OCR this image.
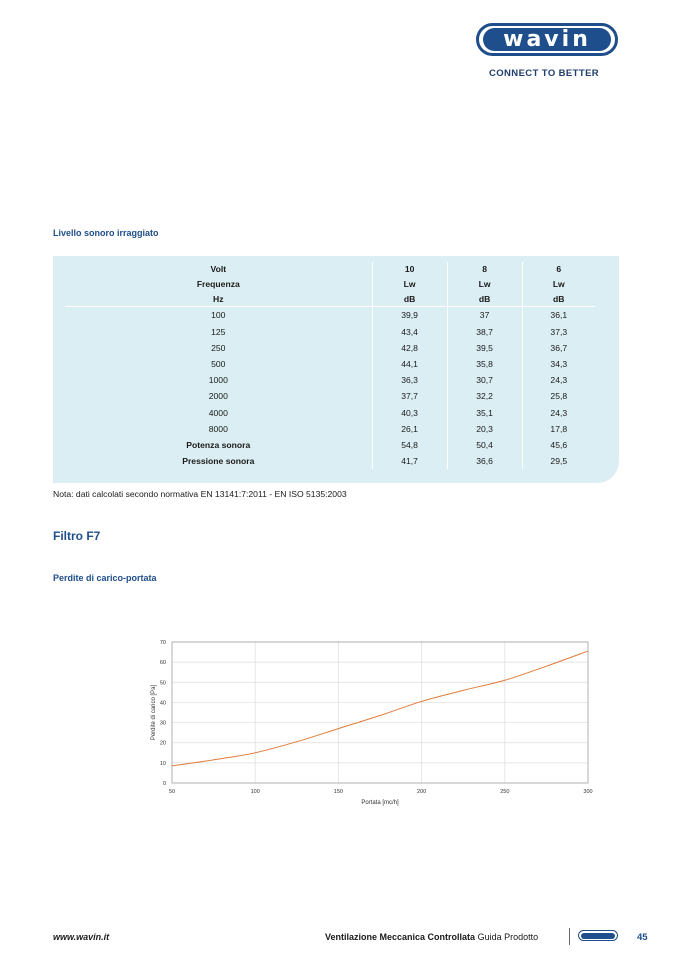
wavin
CONNECT TO BETTER
Livello sonoro irraggiato
Volt	10	8	6
Frequenza	Lw	Lw	Lw
Hz	dB	dB	dB
100	39,9	37	36,1
125	43,4	38,7	37,3
250	42,8	39,5	36,7
500	44,1	35,8	34,3
1000	36,3	30,7	24,3
2000	37,7	32,2	25,8
4000	40,3	35,1	24,3
8000	26,1	20,3	17,8
Potenza sonora	54,8	50,4	45,6
Pressione sonora	41,7	36,6	29,5
Nota: dati calcolati secondo normativa EN 13141:7:2011 - EN ISO 5135:2003
Filtro F7
Perdite di carico-portata
0
10
20
30
40
50
60
70
50	100	150	200	250	300
Portata [mc/h]
Perdite di carico [Pa]
www.wavin.it	Ventilazione Meccanica Controllata Guida Prodotto	45
